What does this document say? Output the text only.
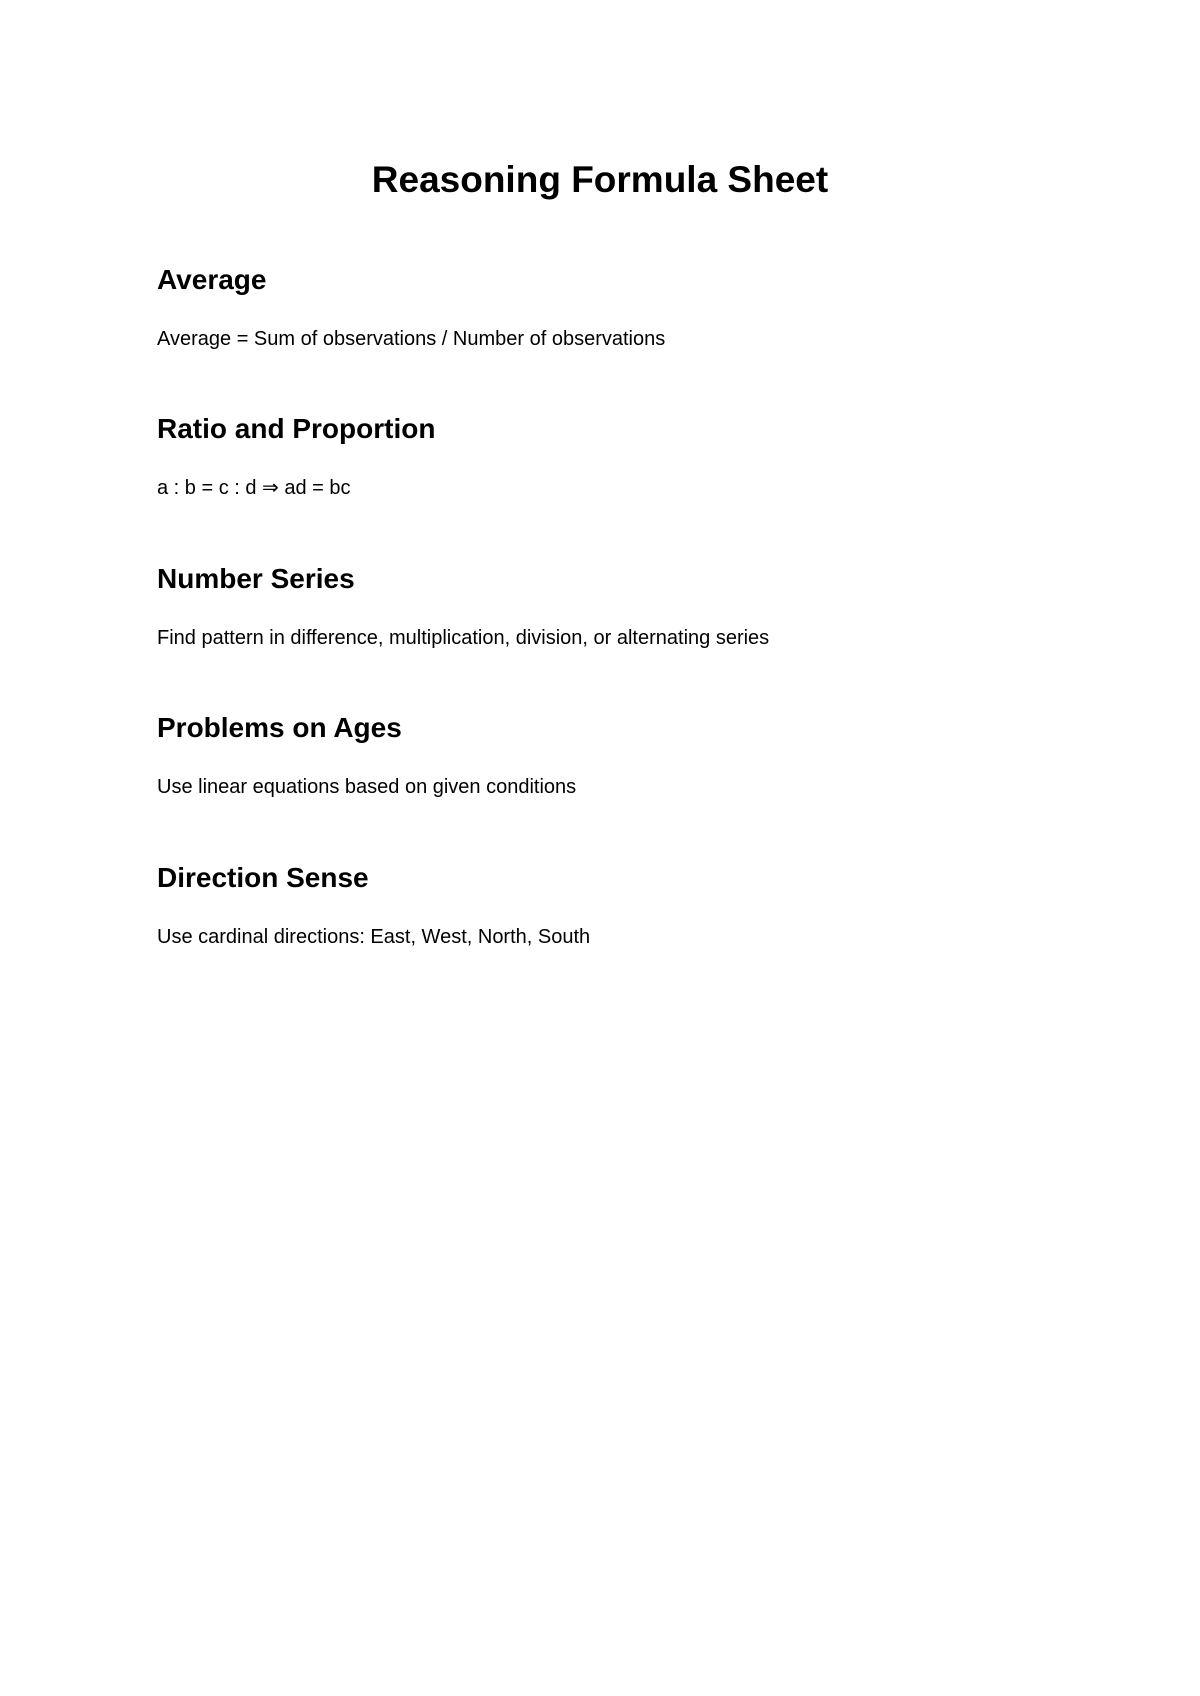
Reasoning Formula Sheet
Average

Average = Sum of observations / Number of observations

Ratio and Proportion

a : b = c : d ⇒ ad = bc

Number Series

Find pattern in difference, multiplication, division, or alternating series

Problems on Ages

Use linear equations based on given conditions

Direction Sense

Use cardinal directions: East, West, North, South
